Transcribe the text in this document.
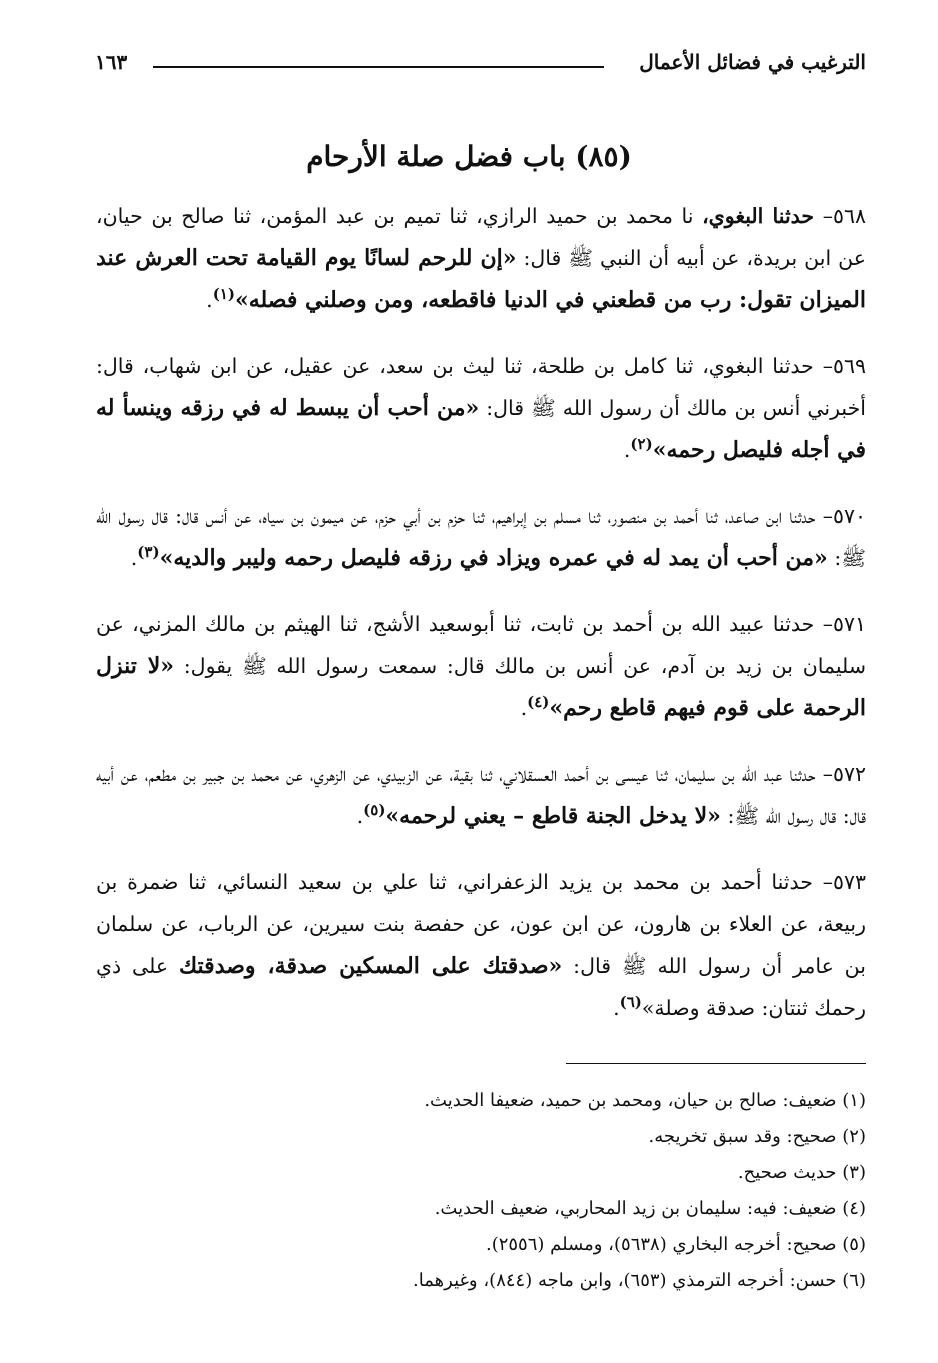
الترغيب في فضائل الأعمال
١٦٣
(٨٥) باب فضل صلة الأرحام

٥٦٨– حدثنا البغوي، نا محمد بن حميد الرازي، ثنا تميم بن عبد المؤمن، ثنا صالح بن حيان، عن ابن بريدة، عن أبيه أن النبي ﷺ قال: «إن للرحم لسانًا يوم القيامة تحت العرش عند الميزان تقول: رب من قطعني في الدنيا فاقطعه، ومن وصلني فصله»$^{(١)}$.

٥٦٩– حدثنا البغوي، ثنا كامل بن طلحة، ثنا ليث بن سعد، عن عقيل، عن ابن شهاب، قال: أخبرني أنس بن مالك أن رسول الله ﷺ قال: «من أحب أن يبسط له في رزقه وينسأ له في أجله فليصل رحمه»$^{(٢)}$.

٥٧٠– حدثنا ابن صاعد، ثنا أحمد بن منصور، ثنا مسلم بن إبراهيم، ثنا حزم بن أبي حزم، عن ميمون بن سياه، عن أنس قال: قال رسول الله ﷺ: «من أحب أن يمد له في عمره ويزاد في رزقه فليصل رحمه وليبر والديه»$^{(٣)}$.

٥٧١– حدثنا عبيد الله بن أحمد بن ثابت، ثنا أبوسعيد الأشج، ثنا الهيثم بن مالك المزني، عن سليمان بن زيد بن آدم، عن أنس بن مالك قال: سمعت رسول الله ﷺ يقول: «لا تنزل الرحمة على قوم فيهم قاطع رحم»$^{(٤)}$.

٥٧٢– حدثنا عبد الله بن سليمان، ثنا عيسى بن أحمد العسقلاني، ثنا بقية، عن الزبيدي، عن الزهري، عن محمد بن جبير بن مطعم، عن أبيه قال: قال رسول الله ﷺ: «لا يدخل الجنة قاطع – يعني لرحمه»$^{(٥)}$.

٥٧٣– حدثنا أحمد بن محمد بن يزيد الزعفراني، ثنا علي بن سعيد النسائي، ثنا ضمرة بن ربيعة، عن العلاء بن هارون، عن ابن عون، عن حفصة بنت سيرين، عن الرباب، عن سلمان بن عامر أن رسول الله ﷺ قال: «صدقتك على المسكين صدقة، وصدقتك على ذي رحمك ثنتان: صدقة وصلة»$^{(٦)}$.

(١) ضعيف: صالح بن حيان، ومحمد بن حميد، ضعيفا الحديث.
(٢) صحيح: وقد سبق تخريجه.
(٣) حديث صحيح.
(٤) ضعيف: فيه: سليمان بن زيد المحاربي، ضعيف الحديث.
(٥) صحيح: أخرجه البخاري (٥٦٣٨)، ومسلم (٢٥٥٦).
(٦) حسن: أخرجه الترمذي (٦٥٣)، وابن ماجه (٨٤٤)، وغيرهما.
